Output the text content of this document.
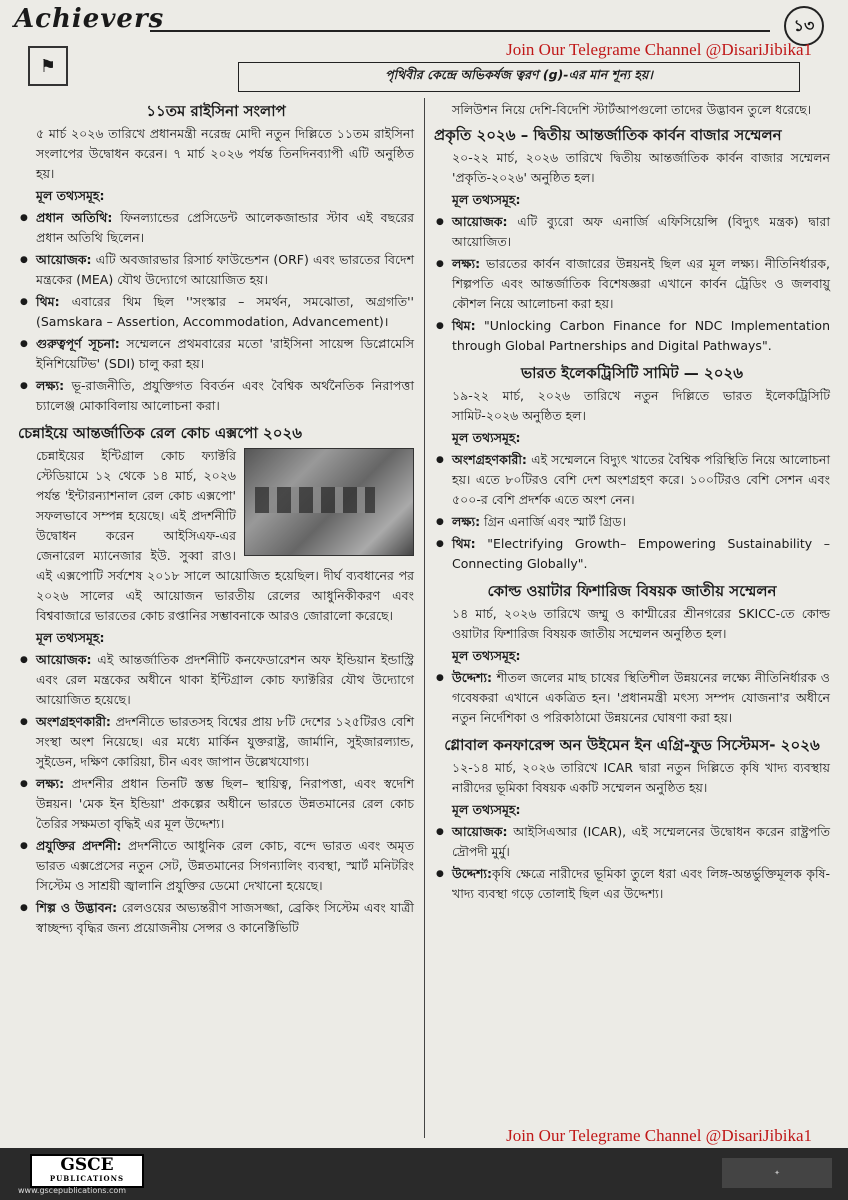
Achievers	১৩
Join Our Telegrame Channel @DisariJibika1
⚑	পৃথিবীর কেন্দ্রে অভিকর্ষজ ত্বরণ (g)-এর মান শূন্য হয়।
১১তম রাইসিনা সংলাপ

৫ মার্চ ২০২৬ তারিখে প্রধানমন্ত্রী নরেন্দ্র মোদী নতুন দিল্লিতে ১১তম রাইসিনা সংলাপের উদ্বোধন করেন। ৭ মার্চ ২০২৬ পর্যন্ত তিনদিনব্যাপী এটি অনুষ্ঠিত হয়।

মূল তথ্যসমূহ:
● প্রধান অতিথি: ফিনল্যান্ডের প্রেসিডেন্ট আলেকজান্ডার স্টাব এই বছরের প্রধান অতিথি ছিলেন।
● আয়োজক: এটি অবজারভার রিসার্চ ফাউন্ডেশন (ORF) এবং ভারতের বিদেশ মন্ত্রকের (MEA) যৌথ উদ্যোগে আয়োজিত হয়।
● থিম: এবারের থিম ছিল ''সংস্কার – সমর্থন, সমঝোতা, অগ্রগতি'' (Samskara – Assertion, Accommodation, Advancement)।
● গুরুত্বপূর্ণ সূচনা: সম্মেলনে প্রথমবারের মতো 'রাইসিনা সায়েন্স ডিপ্লোমেসি ইনিশিয়েটিভ' (SDI) চালু করা হয়।
● লক্ষ্য: ভূ-রাজনীতি, প্রযুক্তিগত বিবর্তন এবং বৈশ্বিক অর্থনৈতিক নিরাপত্তা চ্যালেঞ্জ মোকাবিলায় আলোচনা করা।
চেন্নাইয়ে আন্তর্জাতিক রেল কোচ এক্সপো ২০২৬

চেন্নাইয়ের ইন্টিগ্রাল কোচ ফ্যাক্টরি স্টেডিয়ামে ১২ থেকে ১৪ মার্চ, ২০২৬ পর্যন্ত 'ইন্টারন্যাশনাল রেল কোচ এক্সপো' সফলভাবে সম্পন্ন হয়েছে। এই প্রদর্শনীটি উদ্বোধন করেন আইসিএফ-এর জেনারেল ম্যানেজার ইউ. সুব্বা রাও। এই এক্সপোটি সর্বশেষ ২০১৮ সালে আয়োজিত হয়েছিল। দীর্ঘ ব্যবধানের পর ২০২৬ সালের এই আয়োজন ভারতীয় রেলের আধুনিকীকরণ এবং বিশ্ববাজারে ভারতের কোচ রপ্তানির সম্ভাবনাকে আরও জোরালো করেছে।

মূল তথ্যসমূহ:
● আয়োজক: এই আন্তর্জাতিক প্রদর্শনীটি কনফেডারেশন অফ ইন্ডিয়ান ইন্ডাস্ট্রি এবং রেল মন্ত্রকের অধীনে থাকা ইন্টিগ্রাল কোচ ফ্যাক্টরির যৌথ উদ্যোগে আয়োজিত হয়েছে।
● অংশগ্রহণকারী: প্রদর্শনীতে ভারতসহ বিশ্বের প্রায় ৮টি দেশের ১২৫টিরও বেশি সংস্থা অংশ নিয়েছে। এর মধ্যে মার্কিন যুক্তরাষ্ট্র, জার্মানি, সুইজারল্যান্ড, সুইডেন, দক্ষিণ কোরিয়া, চীন এবং জাপান উল্লেখযোগ্য।
● লক্ষ্য: প্রদর্শনীর প্রধান তিনটি স্তম্ভ ছিল– স্থায়িত্ব, নিরাপত্তা, এবং স্বদেশি উন্নয়ন। 'মেক ইন ইন্ডিয়া' প্রকল্পের অধীনে ভারতে উন্নতমানের রেল কোচ তৈরির সক্ষমতা বৃদ্ধিই এর মূল উদ্দেশ্য।
● প্রযুক্তির প্রদর্শনী: প্রদর্শনীতে আধুনিক রেল কোচ, বন্দে ভারত এবং অমৃত ভারত এক্সপ্রেসের নতুন সেট, উন্নতমানের সিগন্যালিং ব্যবস্থা, স্মার্ট মনিটরিং সিস্টেম ও সাশ্রয়ী জ্বালানি প্রযুক্তির ডেমো দেখানো হয়েছে।
● শিল্প ও উদ্ভাবন: রেলওয়ের অভ্যন্তরীণ সাজসজ্জা, ব্রেকিং সিস্টেম এবং যাত্রী স্বাচ্ছন্দ্য বৃদ্ধির জন্য প্রয়োজনীয় সেন্সর ও কানেক্টিভিটি

সলিউশন নিয়ে দেশি-বিদেশি স্টার্টআপগুলো তাদের উদ্ভাবন তুলে ধরেছে।

প্রকৃতি ২০২৬ – দ্বিতীয় আন্তর্জাতিক কার্বন বাজার সম্মেলন

২০-২২ মার্চ, ২০২৬ তারিখে দ্বিতীয় আন্তর্জাতিক কার্বন বাজার সম্মেলন 'প্রকৃতি-২০২৬' অনুষ্ঠিত হল।

মূল তথ্যসমূহ:
● আয়োজক: এটি ব্যুরো অফ এনার্জি এফিসিয়েন্সি (বিদ্যুৎ মন্ত্রক) দ্বারা আয়োজিত।
● লক্ষ্য: ভারতের কার্বন বাজারের উন্নয়নই ছিল এর মূল লক্ষ্য। নীতিনির্ধারক, শিল্পপতি এবং আন্তর্জাতিক বিশেষজ্ঞরা এখানে কার্বন ট্রেডিং ও জলবায়ু কৌশল নিয়ে আলোচনা করা হয়।
● থিম: "Unlocking Carbon Finance for NDC Implementation through Global Partnerships and Digital Pathways".
ভারত ইলেকট্রিসিটি সামিট — ২০২৬

১৯-২২ মার্চ, ২০২৬ তারিখে নতুন দিল্লিতে ভারত ইলেকট্রিসিটি সামিট-২০২৬ অনুষ্ঠিত হল।

মূল তথ্যসমূহ:
● অংশগ্রহণকারী: এই সম্মেলনে বিদ্যুৎ খাতের বৈশ্বিক পরিস্থিতি নিয়ে আলোচনা হয়। এতে ৮০টিরও বেশি দেশ অংশগ্রহণ করে। ১০০টিরও বেশি সেশন এবং ৫০০-র বেশি প্রদর্শক এতে অংশ নেন।
● লক্ষ্য: গ্রিন এনার্জি এবং স্মার্ট গ্রিড।
● থিম: "Electrifying Growth– Empowering Sustainability – Connecting Globally".
কোল্ড ওয়াটার ফিশারিজ বিষয়ক জাতীয় সম্মেলন

১৪ মার্চ, ২০২৬ তারিখে জম্মু ও কাশ্মীরের শ্রীনগরের SKICC-তে কোল্ড ওয়াটার ফিশারিজ বিষয়ক জাতীয় সম্মেলন অনুষ্ঠিত হল।

মূল তথ্যসমূহ:
● উদ্দেশ্য: শীতল জলের মাছ চাষের স্থিতিশীল উন্নয়নের লক্ষ্যে নীতিনির্ধারক ও গবেষকরা এখানে একত্রিত হন। 'প্রধানমন্ত্রী মৎস্য সম্পদ যোজনা'র অধীনে নতুন নির্দেশিকা ও পরিকাঠামো উন্নয়নের ঘোষণা করা হয়।
গ্লোবাল কনফারেন্স অন উইমেন ইন এগ্রি-ফুড সিস্টেমস- ২০২৬

১২-১৪ মার্চ, ২০২৬ তারিখে ICAR দ্বারা নতুন দিল্লিতে কৃষি খাদ্য ব্যবস্থায় নারীদের ভূমিকা বিষয়ক একটি সম্মেলন অনুষ্ঠিত হয়।

মূল তথ্যসমূহ:
● আয়োজক: আইসিএআর (ICAR), এই সম্মেলনের উদ্বোধন করেন রাষ্ট্রপতি দ্রৌপদী মুর্মু।
● উদ্দেশ্য:কৃষি ক্ষেত্রে নারীদের ভূমিকা তুলে ধরা এবং লিঙ্গ-অন্তর্ভুক্তিমূলক কৃষি-খাদ্য ব্যবস্থা গড়ে তোলাই ছিল এর উদ্দেশ্য।
Join Our Telegrame Channel @DisariJibika1
GSCE
PUBLICATIONS
www.gscepublications.com
✦
